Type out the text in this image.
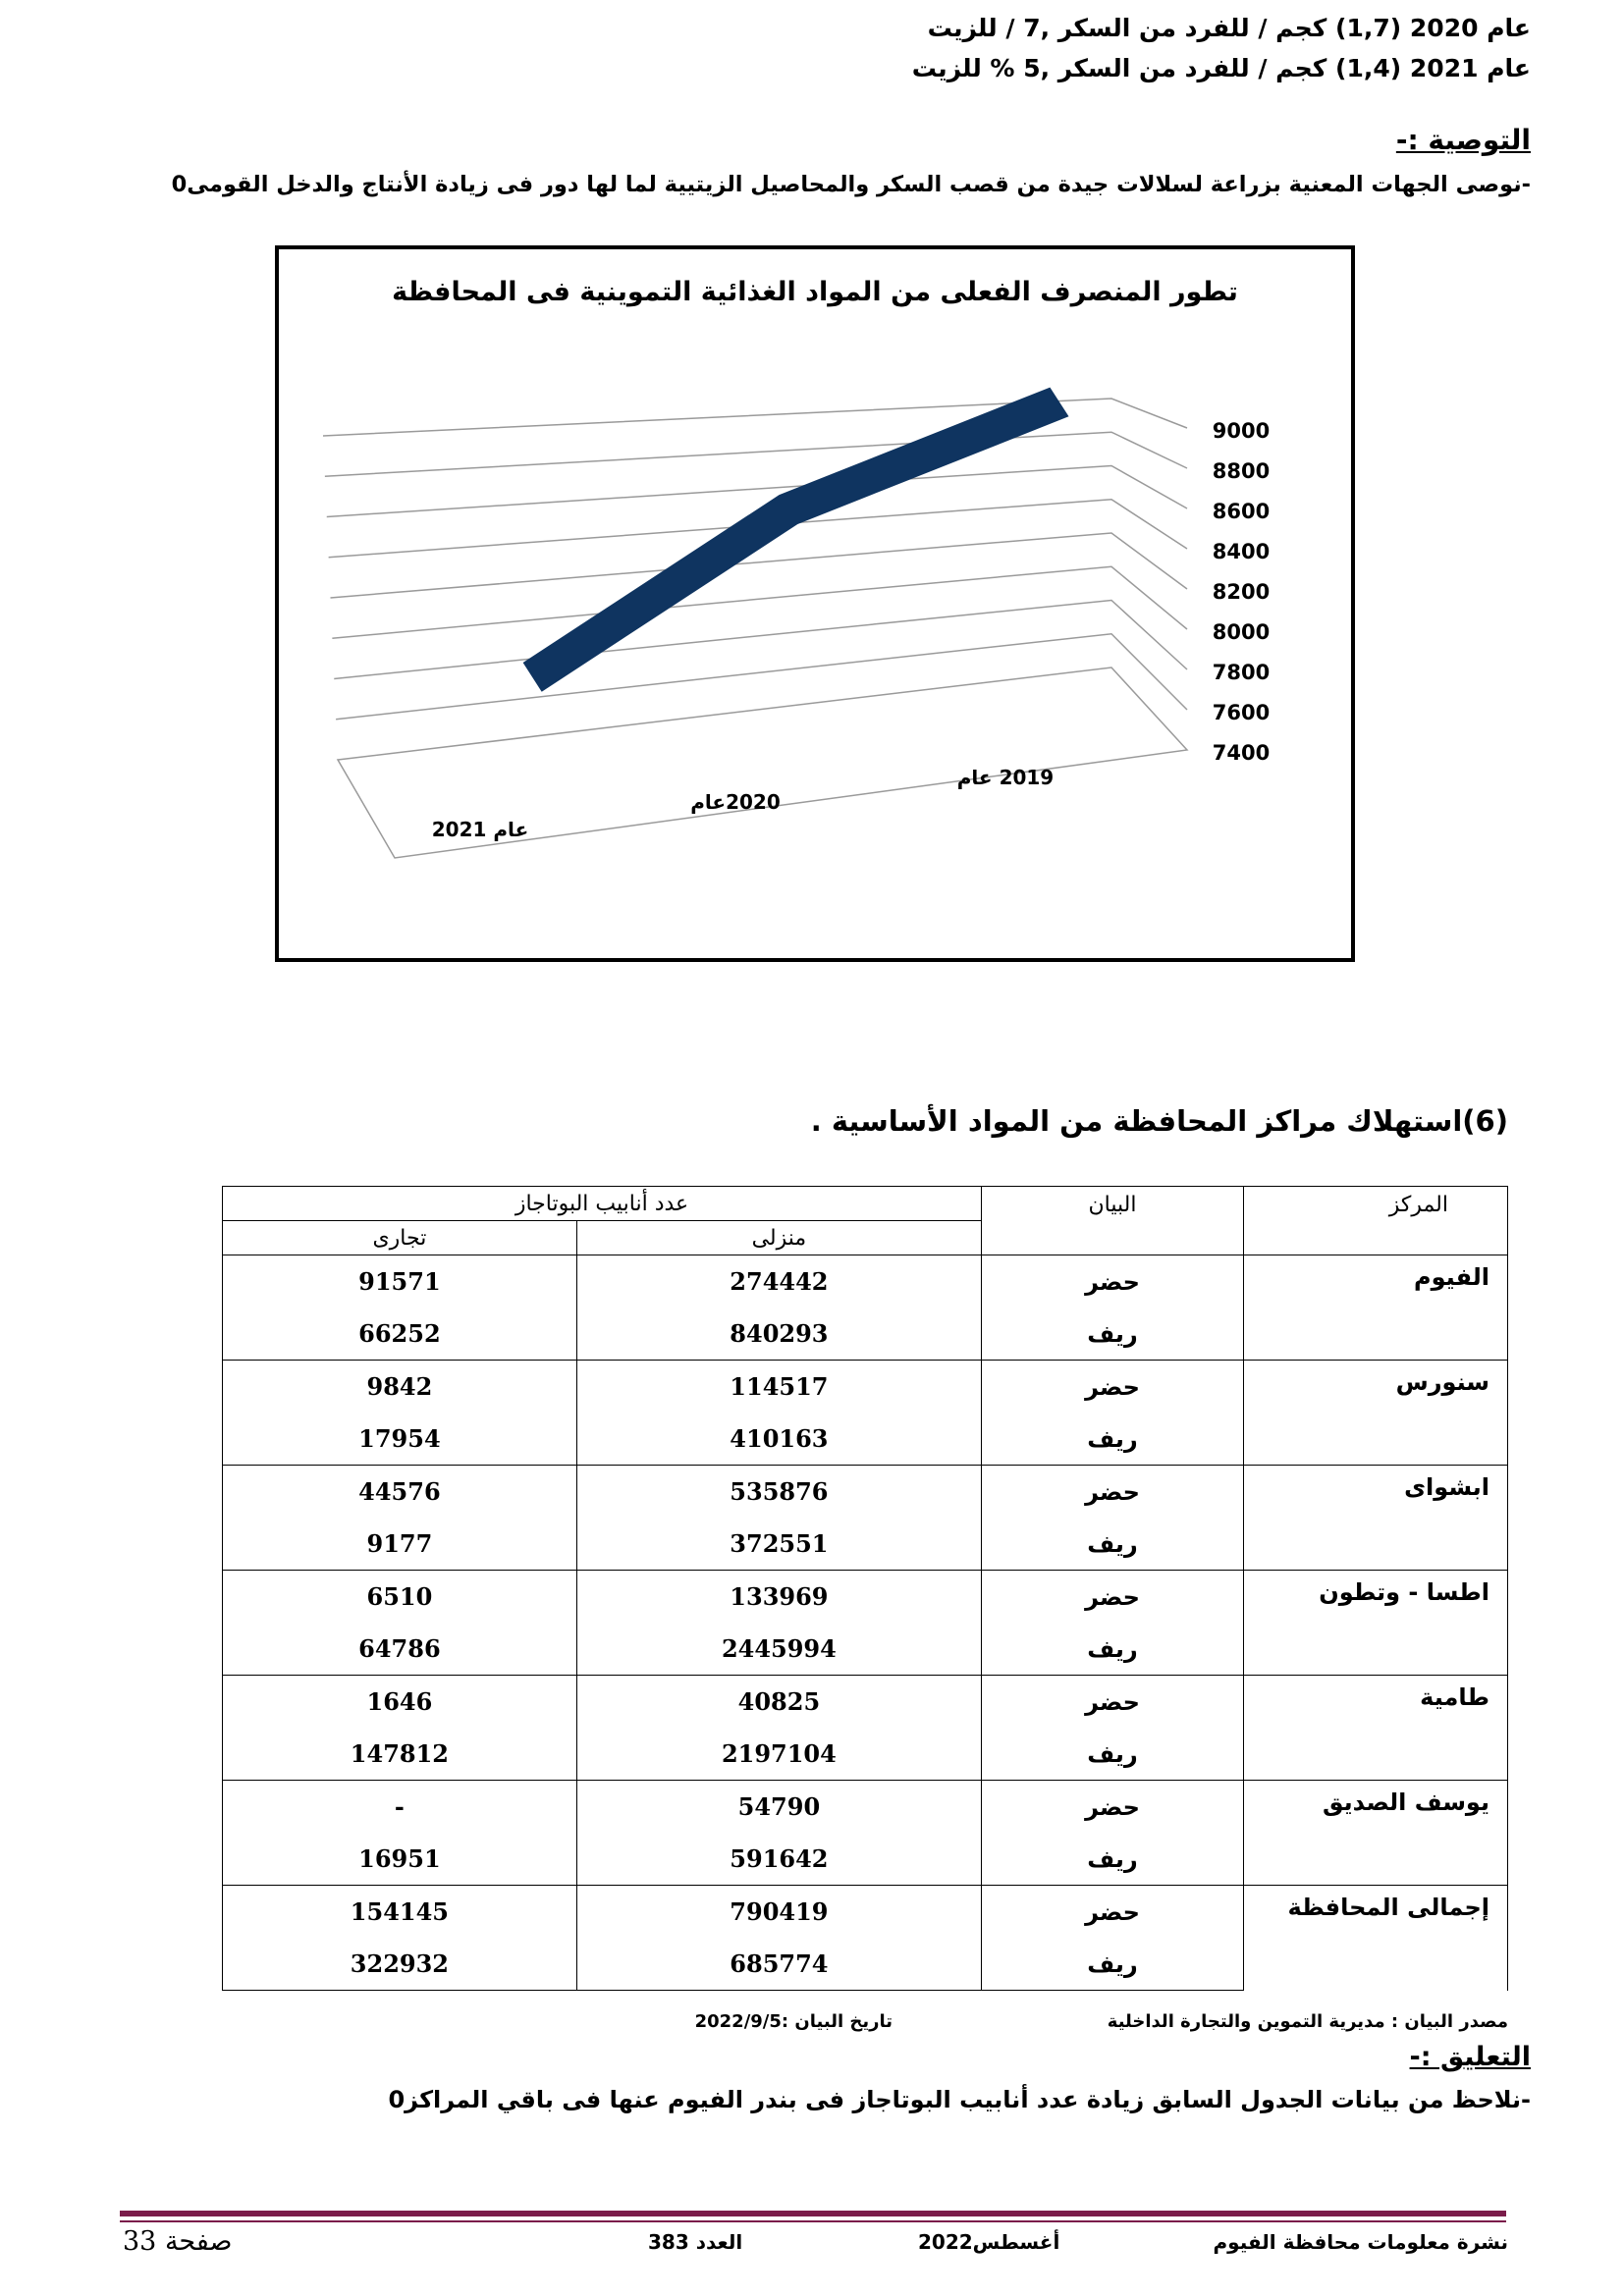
عام 2020 (1,7) كجم / للفرد من السكر ,7 / للزيت
عام 2021 (1,4) كجم / للفرد من السكر ,5 % للزيت
التوصية :-
-نوصى الجهات المعنية بزراعة لسلالات جيدة من قصب السكر والمحاصيل الزيتيية لما لها دور فى زيادة الأنتاج والدخل القومى0
تطور المنصرف الفعلى من المواد الغذائية التموينية فى المحافظة
9000
8800
8600
8400
8200
8000
7800
7600
7400
عام 2021
2020عام
2019 عام
(6)استهلاك مراكز المحافظة من المواد الأساسية .
المركز	البيان	عدد أنابيب البوتاجاز	
		منزلى	تجارى
الفيوم	حضر	274442	91571
	ريف	840293	66252
سنورس	حضر	114517	9842
	ريف	410163	17954
ابشواى	حضر	535876	44576
	ريف	372551	9177
اطسا - وتطون	حضر	133969	6510
	ريف	2445994	64786
طامية	حضر	40825	1646
	ريف	2197104	147812
يوسف الصديق	حضر	54790	-
	ريف	591642	16951
إجمالى المحافظة	حضر	790419	154145
	ريف	685774	322932
مصدر البيان : مديرية التموين والتجارة الداخلية
تاريخ البيان :2022/9/5
التعليق :-
-نلاحظ من بيانات الجدول السابق زيادة عدد أنابيب البوتاجاز فى بندر الفيوم عنها فى باقي المراكز0
نشرة معلومات محافظة الفيوم
أغسطس2022
العدد 383
صفحة 33
